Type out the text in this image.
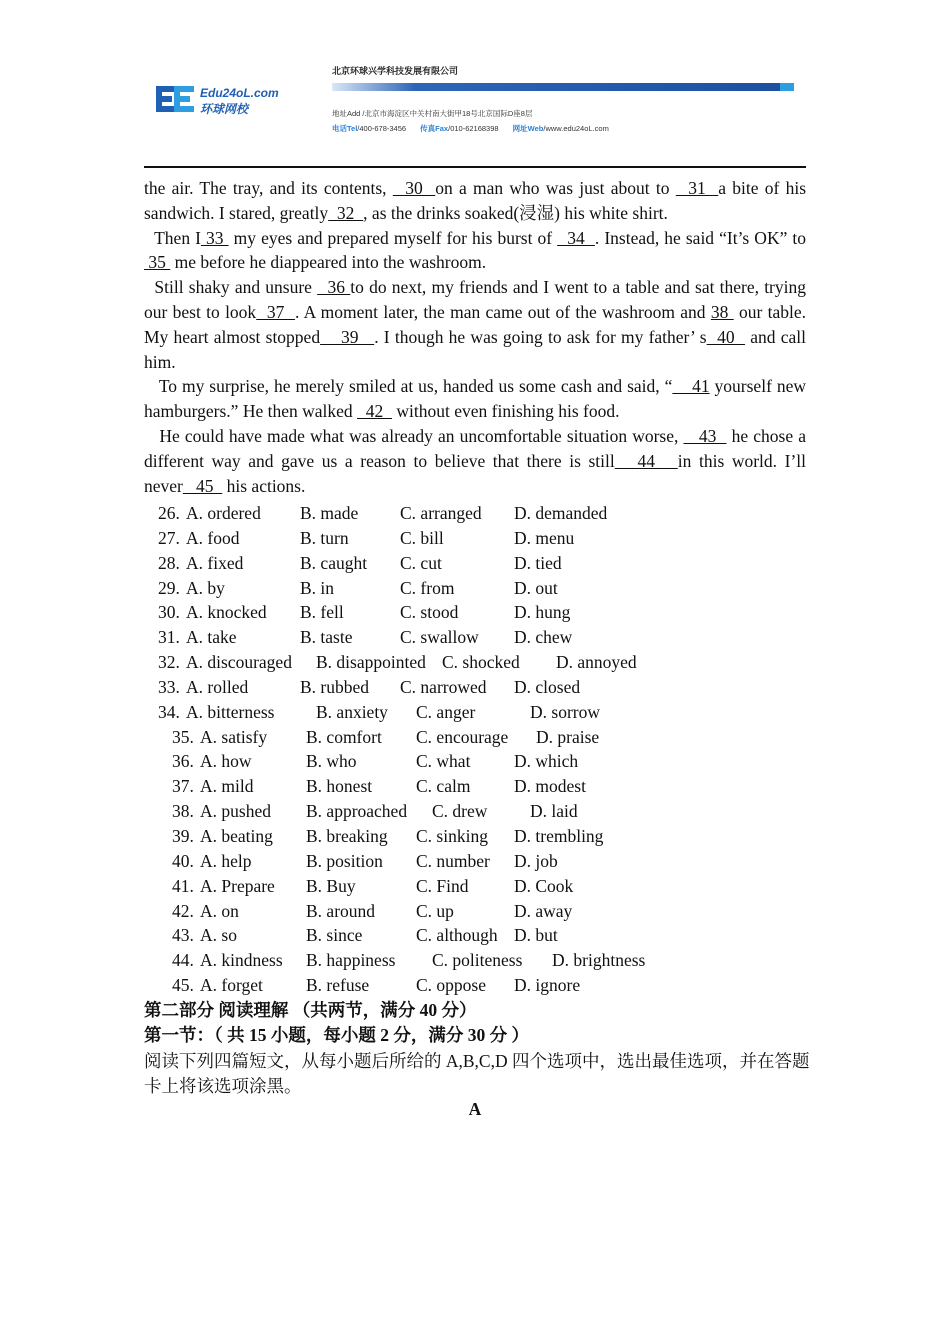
Edu24oL.com
环球网校
北京环球兴学科技发展有限公司
地址Add /北京市海淀区中关村南大街甲18号北京国际D座8层
电话Tel/400-678-3456 传真Fax/010-62168398 网址Web/www.edu24oL.com

the air. The tray, and its contents,   30  on a man who was just about to   31  a bite of his sandwich. I stared, greatly  32  , as the drinks soaked(浸湿) his white shirt.

Then I 33  my eyes and prepared myself for his burst of   34  . Instead, he said “It’s OK” to  35  me before he diappeared into the washroom.

Still shaky and unsure   36 to do next, my friends and I went to a table and sat there, trying our best to look  37  . A moment later, the man came out of the washroom and 38  our table. My heart almost stopped    39   . I though he was going to ask for my father’ s  40   and call him.

To my surprise, he merely smiled at us, handed us some cash and said, “    41 yourself new hamburgers.” He then walked   42   without even finishing his food.

He could have made what was already an uncomfortable situation worse,    43   he chose a different way and gave us a reason to believe that there is still   44   in this world. I’ll never   45   his actions.

26. A. ordered	B. made	C. arranged	D. demanded
27. A. food	B. turn	C. bill	D. menu
28. A. fixed	B. caught	C. cut	D. tied
29. A. by	B. in	C. from	D. out
30. A. knocked	B. fell	C. stood	D. hung
31. A. take	B. taste	C. swallow	D. chew
32. A. discouraged	B. disappointed C. shocked	D. annoyed
33. A. rolled	B. rubbed	C. narrowed	D. closed
34. A. bitterness	B. anxiety	C. anger	D. sorrow
35. A. satisfy	B. comfort	C. encourage	D. praise
36. A. how	B. who	C. what	D. which
37. A. mild	B. honest	C. calm	D. modest
38. A. pushed	B. approached	C. drew	D. laid
39. A. beating	B. breaking	C. sinking	D. trembling
40. A. help	B. position	C. number	D. job
41. A. Prepare	B. Buy	C. Find	D. Cook
42. A. on	B. around	C. up	D. away
43. A. so	B. since	C. although D. but
44. A. kindness	B. happiness	C. politeness	D. brightness
45. A. forget	B. refuse	C. oppose	D. ignore
第二部分 阅读理解 （共两节，满分 40 分）
第一节：（ 共 15 小题，每小题 2 分，满分 30 分 ）
阅读下列四篇短文，从每小题后所给的 A,B,C,D 四个选项中，选出最佳选项，并在答题卡上将该选项涂黑。
A
